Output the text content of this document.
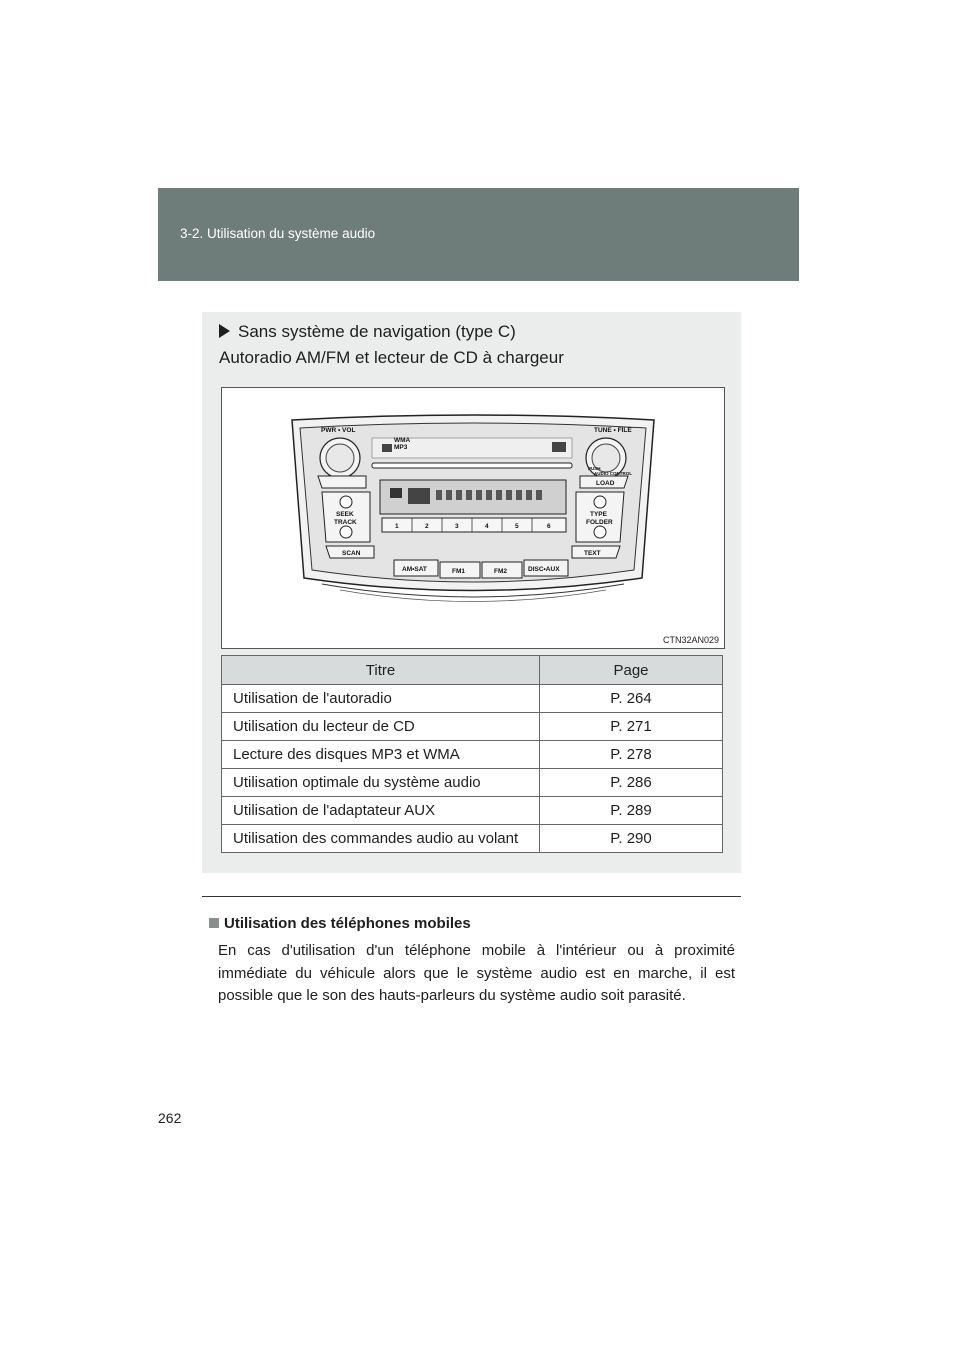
3-2. Utilisation du système audio
Sans système de navigation (type C)
Autoradio AM/FM et lecteur de CD à chargeur
PWR • VOL	TUNE • FILE
WMA
MP3
PUSH
AUDIO CONTROL
LOAD
SEEK
TRACK
TYPE
FOLDER
SCAN	TEXT
AM•SAT	FM1	FM2	DISC•AUX
1	2	3	4	5	6
CTN32AN029
Titre	Page
Utilisation de l'autoradio	P. 264
Utilisation du lecteur de CD	P. 271
Lecture des disques MP3 et WMA	P. 278
Utilisation optimale du système audio	P. 286
Utilisation de l'adaptateur AUX	P. 289
Utilisation des commandes audio au volant	P. 290
Utilisation des téléphones mobiles
En cas d'utilisation d'un téléphone mobile à l'intérieur ou à proximité immédiate du véhicule alors que le système audio est en marche, il est possible que le son des hauts-parleurs du système audio soit parasité.
262
